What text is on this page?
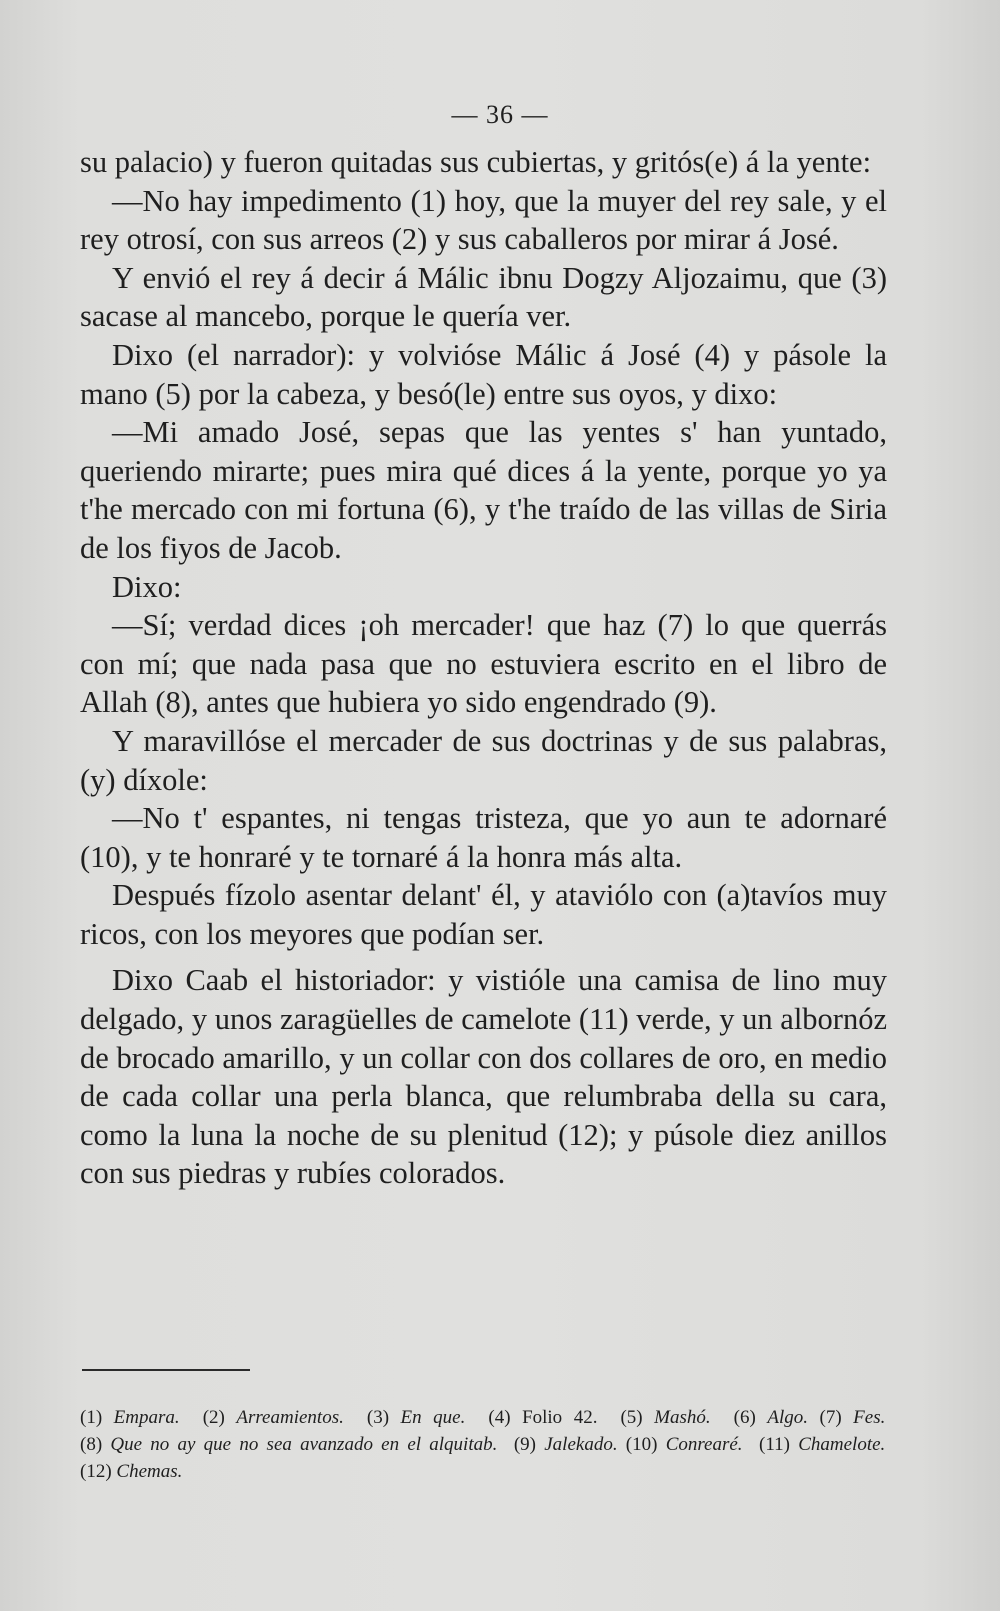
— 36 —

su palacio) y fueron quitadas sus cubiertas, y gritós(e) á la yente:

—No hay impedimento (1) hoy, que la muyer del rey sale, y el rey otrosí, con sus arreos (2) y sus caballeros por mirar á José.

Y envió el rey á decir á Málic ibnu Dogzy Aljozaimu, que (3) sacase al mancebo, porque le quería ver.

Dixo (el narrador): y volvióse Málic á José (4) y pásole la mano (5) por la cabeza, y besó(le) entre sus oyos, y dixo:

—Mi amado José, sepas que las yentes s' han yuntado, queriendo mirarte; pues mira qué dices á la yente, porque yo ya t'he mercado con mi fortuna (6), y t'he traído de las villas de Siria de los fiyos de Jacob.

Dixo:

—Sí; verdad dices ¡oh mercader! que haz (7) lo que querrás con mí; que nada pasa que no estuviera escrito en el libro de Allah (8), antes que hubiera yo sido engendrado (9).

Y maravillóse el mercader de sus doctrinas y de sus palabras, (y) díxole:

—No t' espantes, ni tengas tristeza, que yo aun te adornaré (10), y te honraré y te tornaré á la honra más alta.

Después fízolo asentar delant' él, y ataviólo con (a)tavíos muy ricos, con los meyores que podían ser.

Dixo Caab el historiador: y vistióle una camisa de lino muy delgado, y unos zaragüelles de camelote (11) verde, y un albornóz de brocado amarillo, y un collar con dos collares de oro, en medio de cada collar una perla blanca, que relumbraba della su cara, como la luna la noche de su plenitud (12); y púsole diez anillos con sus piedras y rubíes colorados.

(1) Empara. (2) Arreamientos. (3) En que. (4) Folio 42. (5) Mashó. (6) Algo. (7) Fes.  (8) Que no ay que no sea avanzado en el alquitab. (9) Jalekado. (10) Conrearé. (11) Chamelote.  (12) Chemas.
